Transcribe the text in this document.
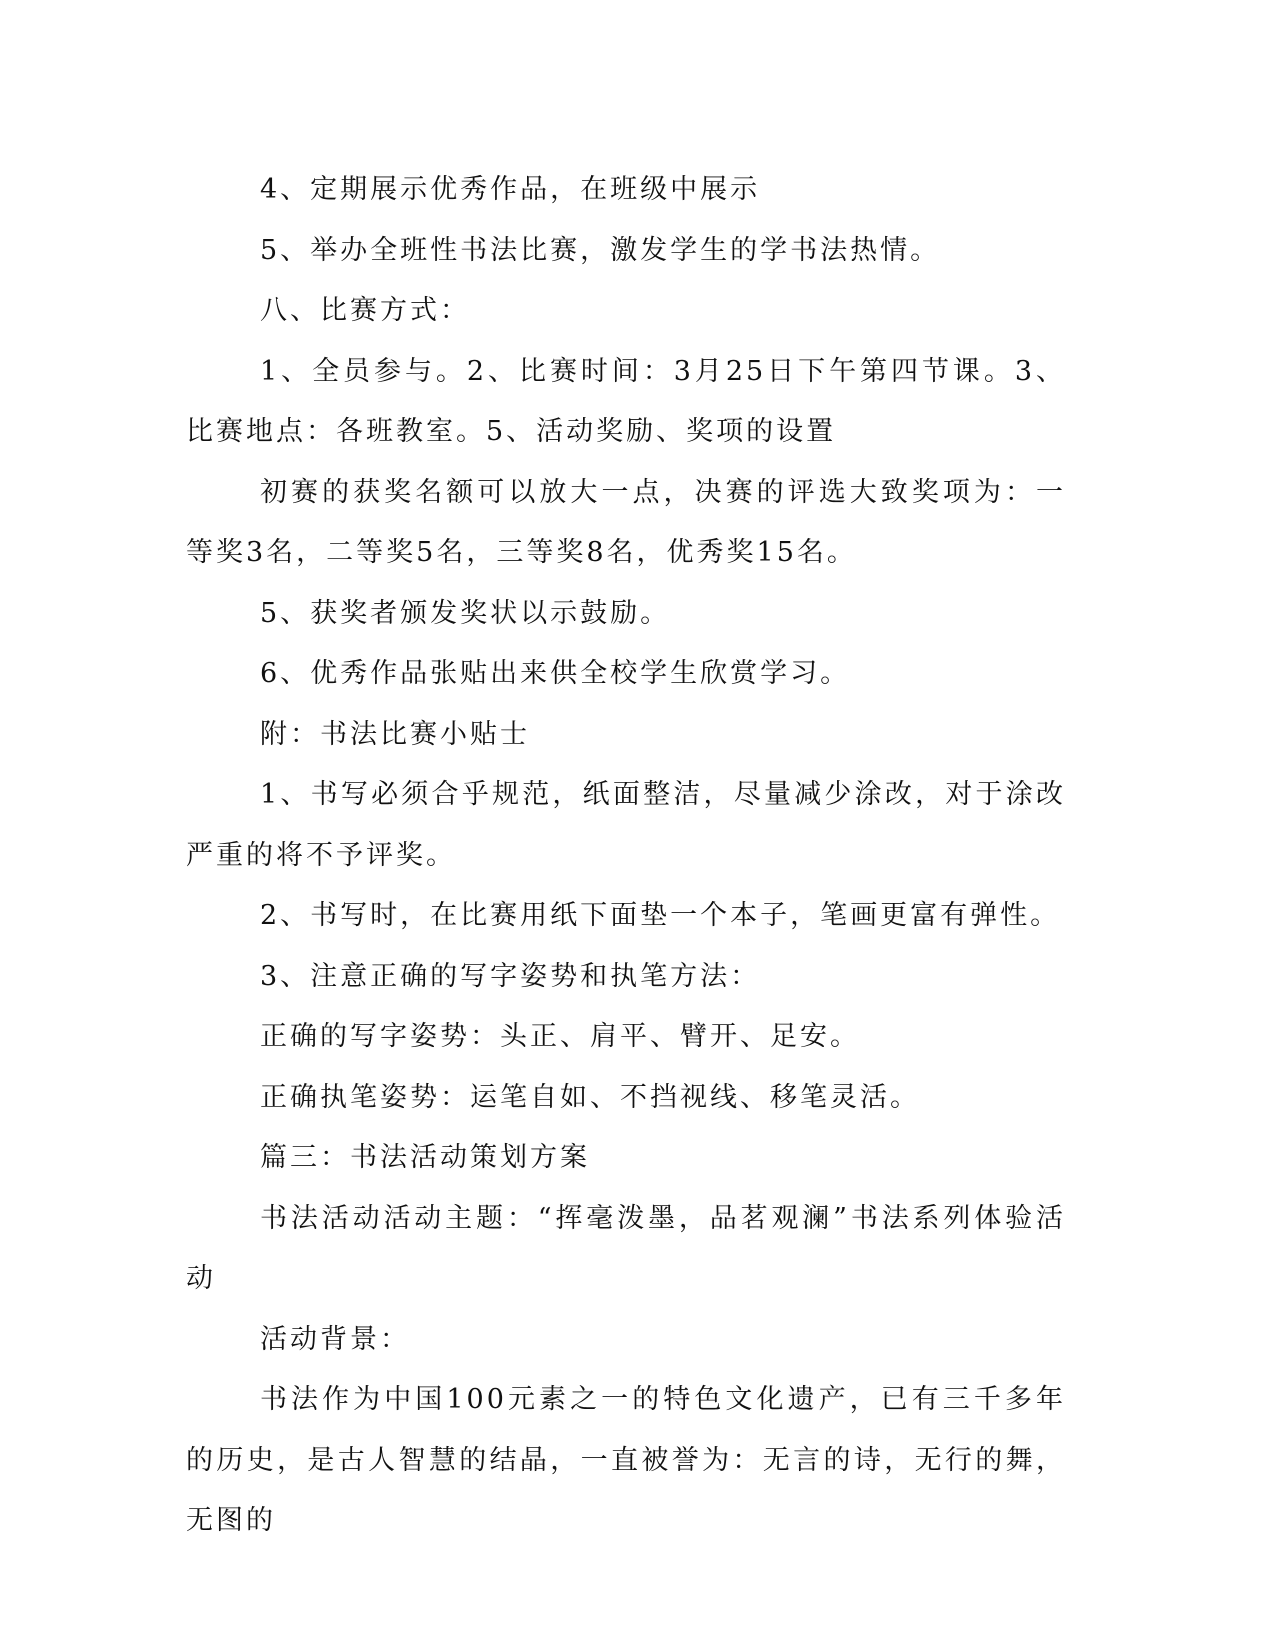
4、定期展示优秀作品，在班级中展示

5、举办全班性书法比赛，激发学生的学书法热情。

八、比赛方式：

1、全员参与。2、比赛时间：3月25日下午第四节课。3、比赛地点：各班教室。5、活动奖励、奖项的设置

初赛的获奖名额可以放大一点，决赛的评选大致奖项为：一等奖3名，二等奖5名，三等奖8名，优秀奖15名。

5、获奖者颁发奖状以示鼓励。

6、优秀作品张贴出来供全校学生欣赏学习。

附：书法比赛小贴士

1、书写必须合乎规范，纸面整洁，尽量减少涂改，对于涂改严重的将不予评奖。

2、书写时，在比赛用纸下面垫一个本子，笔画更富有弹性。

3、注意正确的写字姿势和执笔方法：

正确的写字姿势：头正、肩平、臂开、足安。

正确执笔姿势：运笔自如、不挡视线、移笔灵活。

篇三：书法活动策划方案

书法活动活动主题：“挥毫泼墨，品茗观澜”书法系列体验活动

活动背景：

书法作为中国100元素之一的特色文化遗产，已有三千多年的历史，是古人智慧的结晶，一直被誉为：无言的诗，无行的舞，无图的
